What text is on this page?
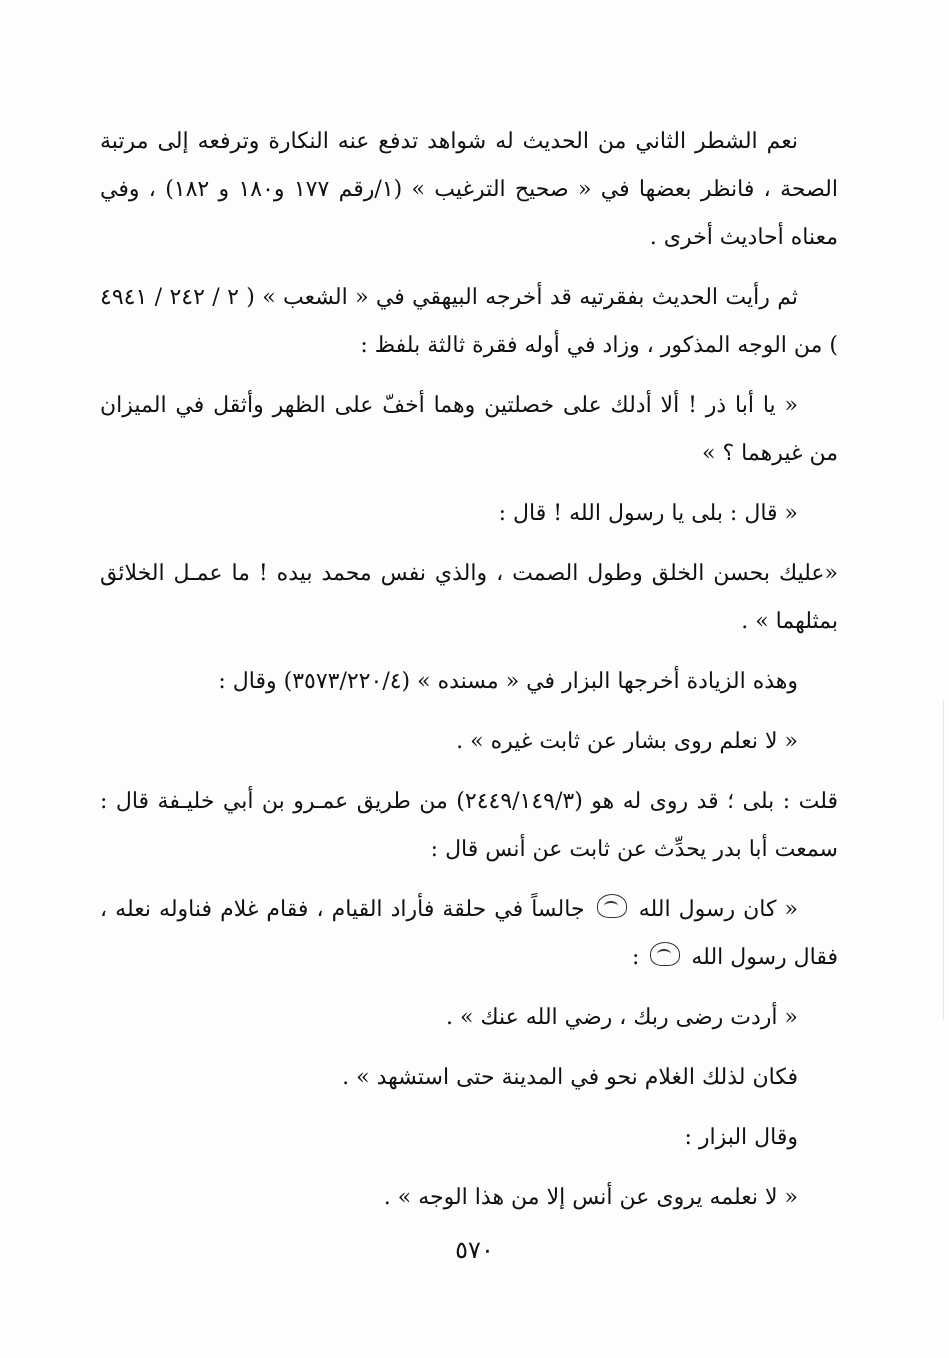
نعم الشطر الثاني من الحديث له شواهد تدفع عنه النكارة وترفعه إلى مرتبة الصحة ، فانظر بعضها في « صحيح الترغيب » (١/رقم ١٧٧ و١٨٠ و ١٨٢) ، وفي معناه أحاديث أخرى .

ثم رأيت الحديث بفقرتيه قد أخرجه البيهقي في « الشعب » ( ٢ / ٢٤٢ / ٤٩٤١ ) من الوجه المذكور ، وزاد في أوله فقرة ثالثة بلفظ :

« يا أبا ذر ! ألا أدلك على خصلتين وهما أخفّ على الظهر وأثقل في الميزان من غيرهما ؟ »

« قال : بلى يا رسول الله ! قال :

«عليك بحسن الخلق وطول الصمت ، والذي نفس محمد بيده ! ما عمـل الخلائق بمثلهما » .

وهذه الزيادة أخرجها البزار في « مسنده » (٣٥٧٣/٢٢٠/٤) وقال :

« لا نعلم روى بشار عن ثابت غيره » .

قلت : بلى ؛ قد روى له هو (٢٤٤٩/١٤٩/٣) من طريق عمـرو بن أبي خليـفة قال : سمعت أبا بدر يحدِّث عن ثابت عن أنس قال :

« كان رسول الله  جالساً في حلقة فأراد القيام ، فقام غلام فناوله نعله ، فقال رسول الله  :

« أردت رضى ربك ، رضي الله عنك » .

فكان لذلك الغلام نحو في المدينة حتى استشهد » .

وقال البزار :

« لا نعلمه يروى عن أنس إلا من هذا الوجه » .

٥٧٠
